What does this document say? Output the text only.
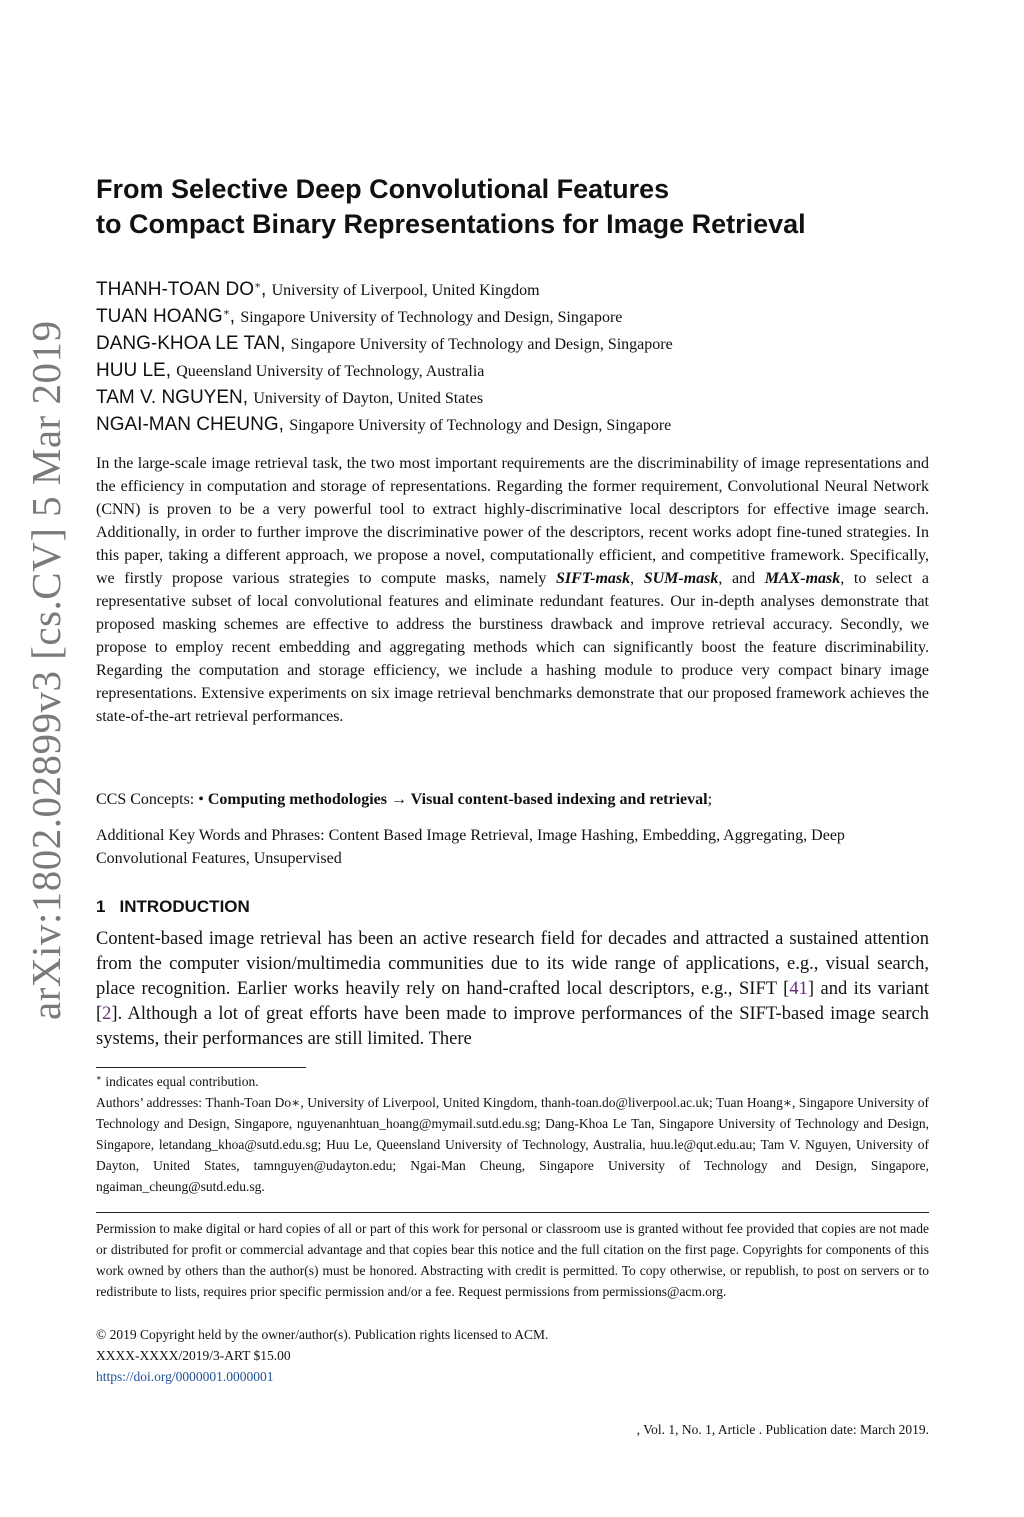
arXiv:1802.02899v3 [cs.CV] 5 Mar 2019
From Selective Deep Convolutional Features
to Compact Binary Representations for Image Retrieval
THANH-TOAN DO∗, University of Liverpool, United Kingdom
TUAN HOANG∗, Singapore University of Technology and Design, Singapore
DANG-KHOA LE TAN, Singapore University of Technology and Design, Singapore
HUU LE, Queensland University of Technology, Australia
TAM V. NGUYEN, University of Dayton, United States
NGAI-MAN CHEUNG, Singapore University of Technology and Design, Singapore

In the large-scale image retrieval task, the two most important requirements are the discriminability of image representations and the efficiency in computation and storage of representations. Regarding the former requirement, Convolutional Neural Network (CNN) is proven to be a very powerful tool to extract highly-discriminative local descriptors for effective image search. Additionally, in order to further improve the discriminative power of the descriptors, recent works adopt fine-tuned strategies. In this paper, taking a different approach, we propose a novel, computationally efficient, and competitive framework. Specifically, we firstly propose various strategies to compute masks, namely SIFT-mask, SUM-mask, and MAX-mask, to select a representative subset of local convolutional features and eliminate redundant features. Our in-depth analyses demonstrate that proposed masking schemes are effective to address the burstiness drawback and improve retrieval accuracy. Secondly, we propose to employ recent embedding and aggregating methods which can significantly boost the feature discriminability. Regarding the computation and storage efficiency, we include a hashing module to produce very compact binary image representations. Extensive experiments on six image retrieval benchmarks demonstrate that our proposed framework achieves the state-of-the-art retrieval performances.

CCS Concepts: • Computing methodologies → Visual content-based indexing and retrieval;

Additional Key Words and Phrases: Content Based Image Retrieval, Image Hashing, Embedding, Aggregating, Deep Convolutional Features, Unsupervised

1 INTRODUCTION

Content-based image retrieval has been an active research field for decades and attracted a sustained attention from the computer vision/multimedia communities due to its wide range of applications, e.g., visual search, place recognition. Earlier works heavily rely on hand-crafted local descriptors, e.g., SIFT [41] and its variant [2]. Although a lot of great efforts have been made to improve performances of the SIFT-based image search systems, their performances are still limited. There

∗ indicates equal contribution.

Authors’ addresses: Thanh-Toan Do∗, University of Liverpool, United Kingdom, thanh-toan.do@liverpool.ac.uk; Tuan Hoang∗, Singapore University of Technology and Design, Singapore, nguyenanhtuan_hoang@mymail.sutd.edu.sg; Dang-Khoa Le Tan, Singapore University of Technology and Design, Singapore, letandang_khoa@sutd.edu.sg; Huu Le, Queensland University of Technology, Australia, huu.le@qut.edu.au; Tam V. Nguyen, University of Dayton, United States, tamnguyen@udayton.edu; Ngai-Man Cheung, Singapore University of Technology and Design, Singapore, ngaiman_cheung@sutd.edu.sg.

Permission to make digital or hard copies of all or part of this work for personal or classroom use is granted without fee provided that copies are not made or distributed for profit or commercial advantage and that copies bear this notice and the full citation on the first page. Copyrights for components of this work owned by others than the author(s) must be honored. Abstracting with credit is permitted. To copy otherwise, or republish, to post on servers or to redistribute to lists, requires prior specific permission and/or a fee. Request permissions from permissions@acm.org.

© 2019 Copyright held by the owner/author(s). Publication rights licensed to ACM.
XXXX-XXXX/2019/3-ART $15.00
https://doi.org/0000001.0000001
, Vol. 1, No. 1, Article . Publication date: March 2019.
